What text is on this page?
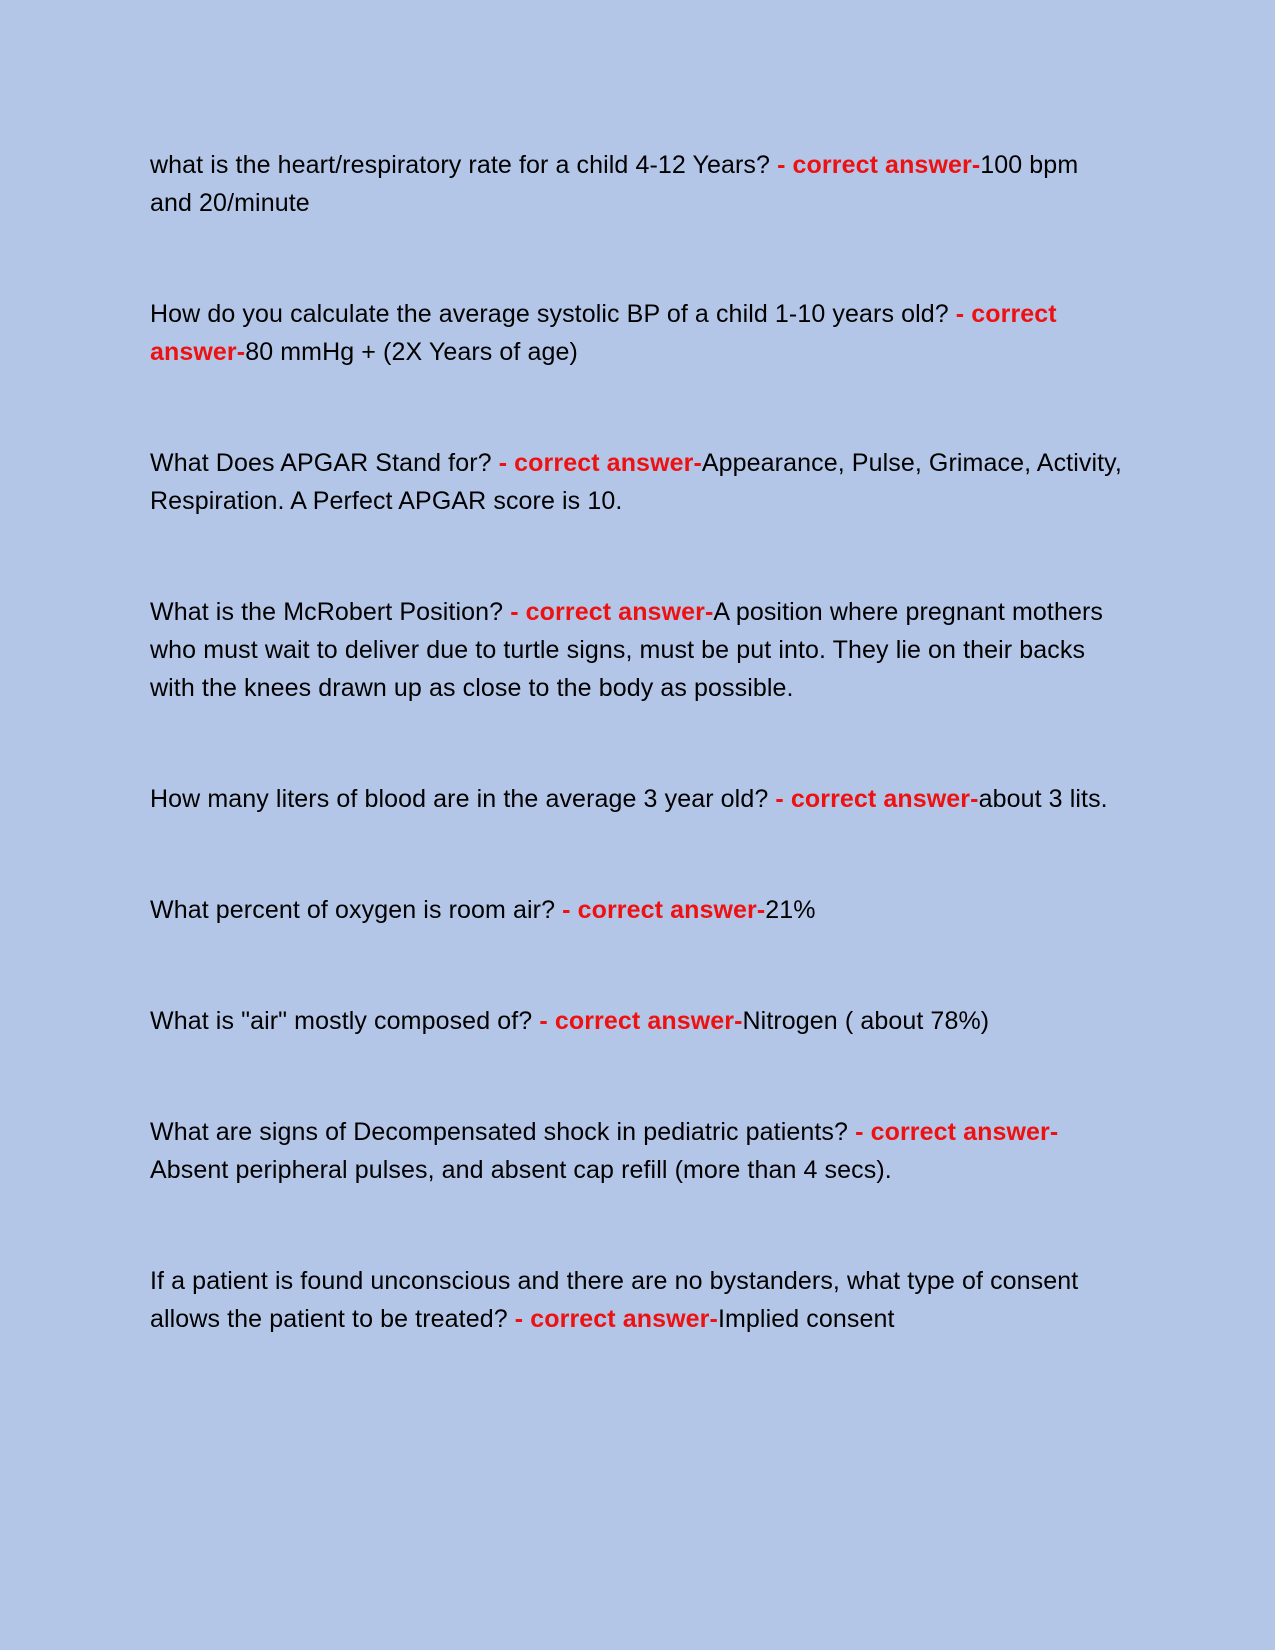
what is the heart/respiratory rate for a child 4-12 Years? - correct answer-100 bpm and 20/minute

How do you calculate the average systolic BP of a child 1-10 years old? - correct answer-80 mmHg + (2X Years of age)

What Does APGAR Stand for? - correct answer-Appearance, Pulse, Grimace, Activity, Respiration. A Perfect APGAR score is 10.

What is the McRobert Position? - correct answer-A position where pregnant mothers who must wait to deliver due to turtle signs, must be put into. They lie on their backs with the knees drawn up as close to the body as possible.

How many liters of blood are in the average 3 year old? - correct answer-about 3 lits.

What percent of oxygen is room air? - correct answer-21%

What is "air" mostly composed of? - correct answer-Nitrogen ( about 78%)

What are signs of Decompensated shock in pediatric patients? - correct answer-Absent peripheral pulses, and absent cap refill (more than 4 secs).

If a patient is found unconscious and there are no bystanders, what type of consent allows the patient to be treated? - correct answer-Implied consent
